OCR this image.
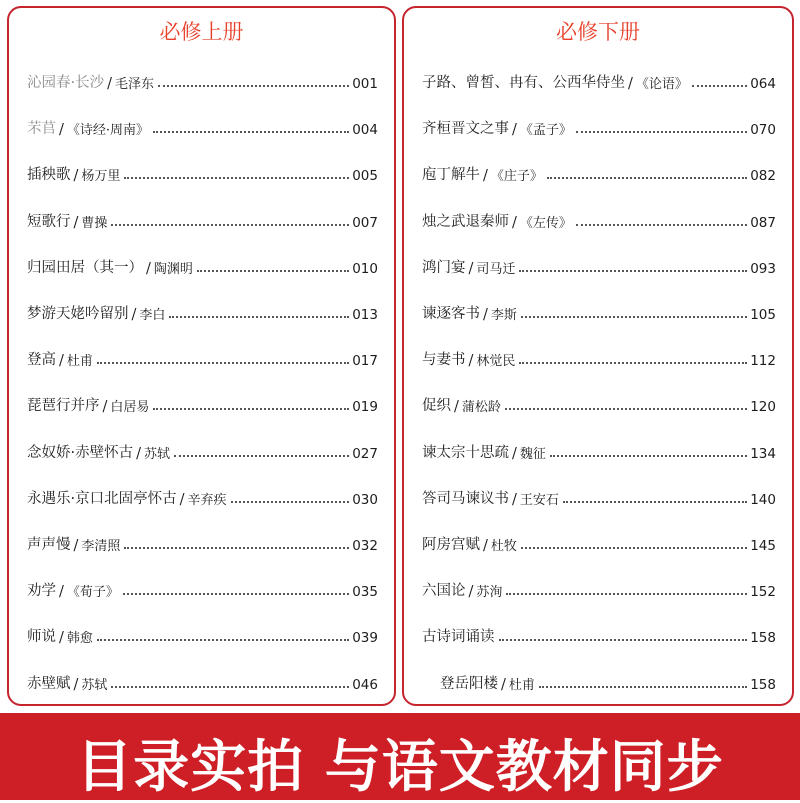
必修上册
沁园春·长沙 / 毛泽东	001
芣苢 / 《诗经·周南》	004
插秧歌 / 杨万里	005
短歌行 / 曹操	007
归园田居（其一） / 陶渊明	010
梦游天姥吟留别 / 李白	013
登高 / 杜甫	017
琵琶行并序 / 白居易	019
念奴娇·赤壁怀古 / 苏轼	027
永遇乐·京口北固亭怀古 / 辛弃疾	030
声声慢 / 李清照	032
劝学 / 《荀子》	035
师说 / 韩愈	039
赤壁赋 / 苏轼	046
必修下册
子路、曾皙、冉有、公西华侍坐 / 《论语》	064
齐桓晋文之事 / 《孟子》	070
庖丁解牛 / 《庄子》	082
烛之武退秦师 / 《左传》	087
鸿门宴 / 司马迁	093
谏逐客书 / 李斯	105
与妻书 / 林觉民	112
促织 / 蒲松龄	120
谏太宗十思疏 / 魏征	134
答司马谏议书 / 王安石	140
阿房宫赋 / 杜牧	145
六国论 / 苏洵	152
古诗词诵读	158
登岳阳楼 / 杜甫	158
目录实拍 与语文教材同步
